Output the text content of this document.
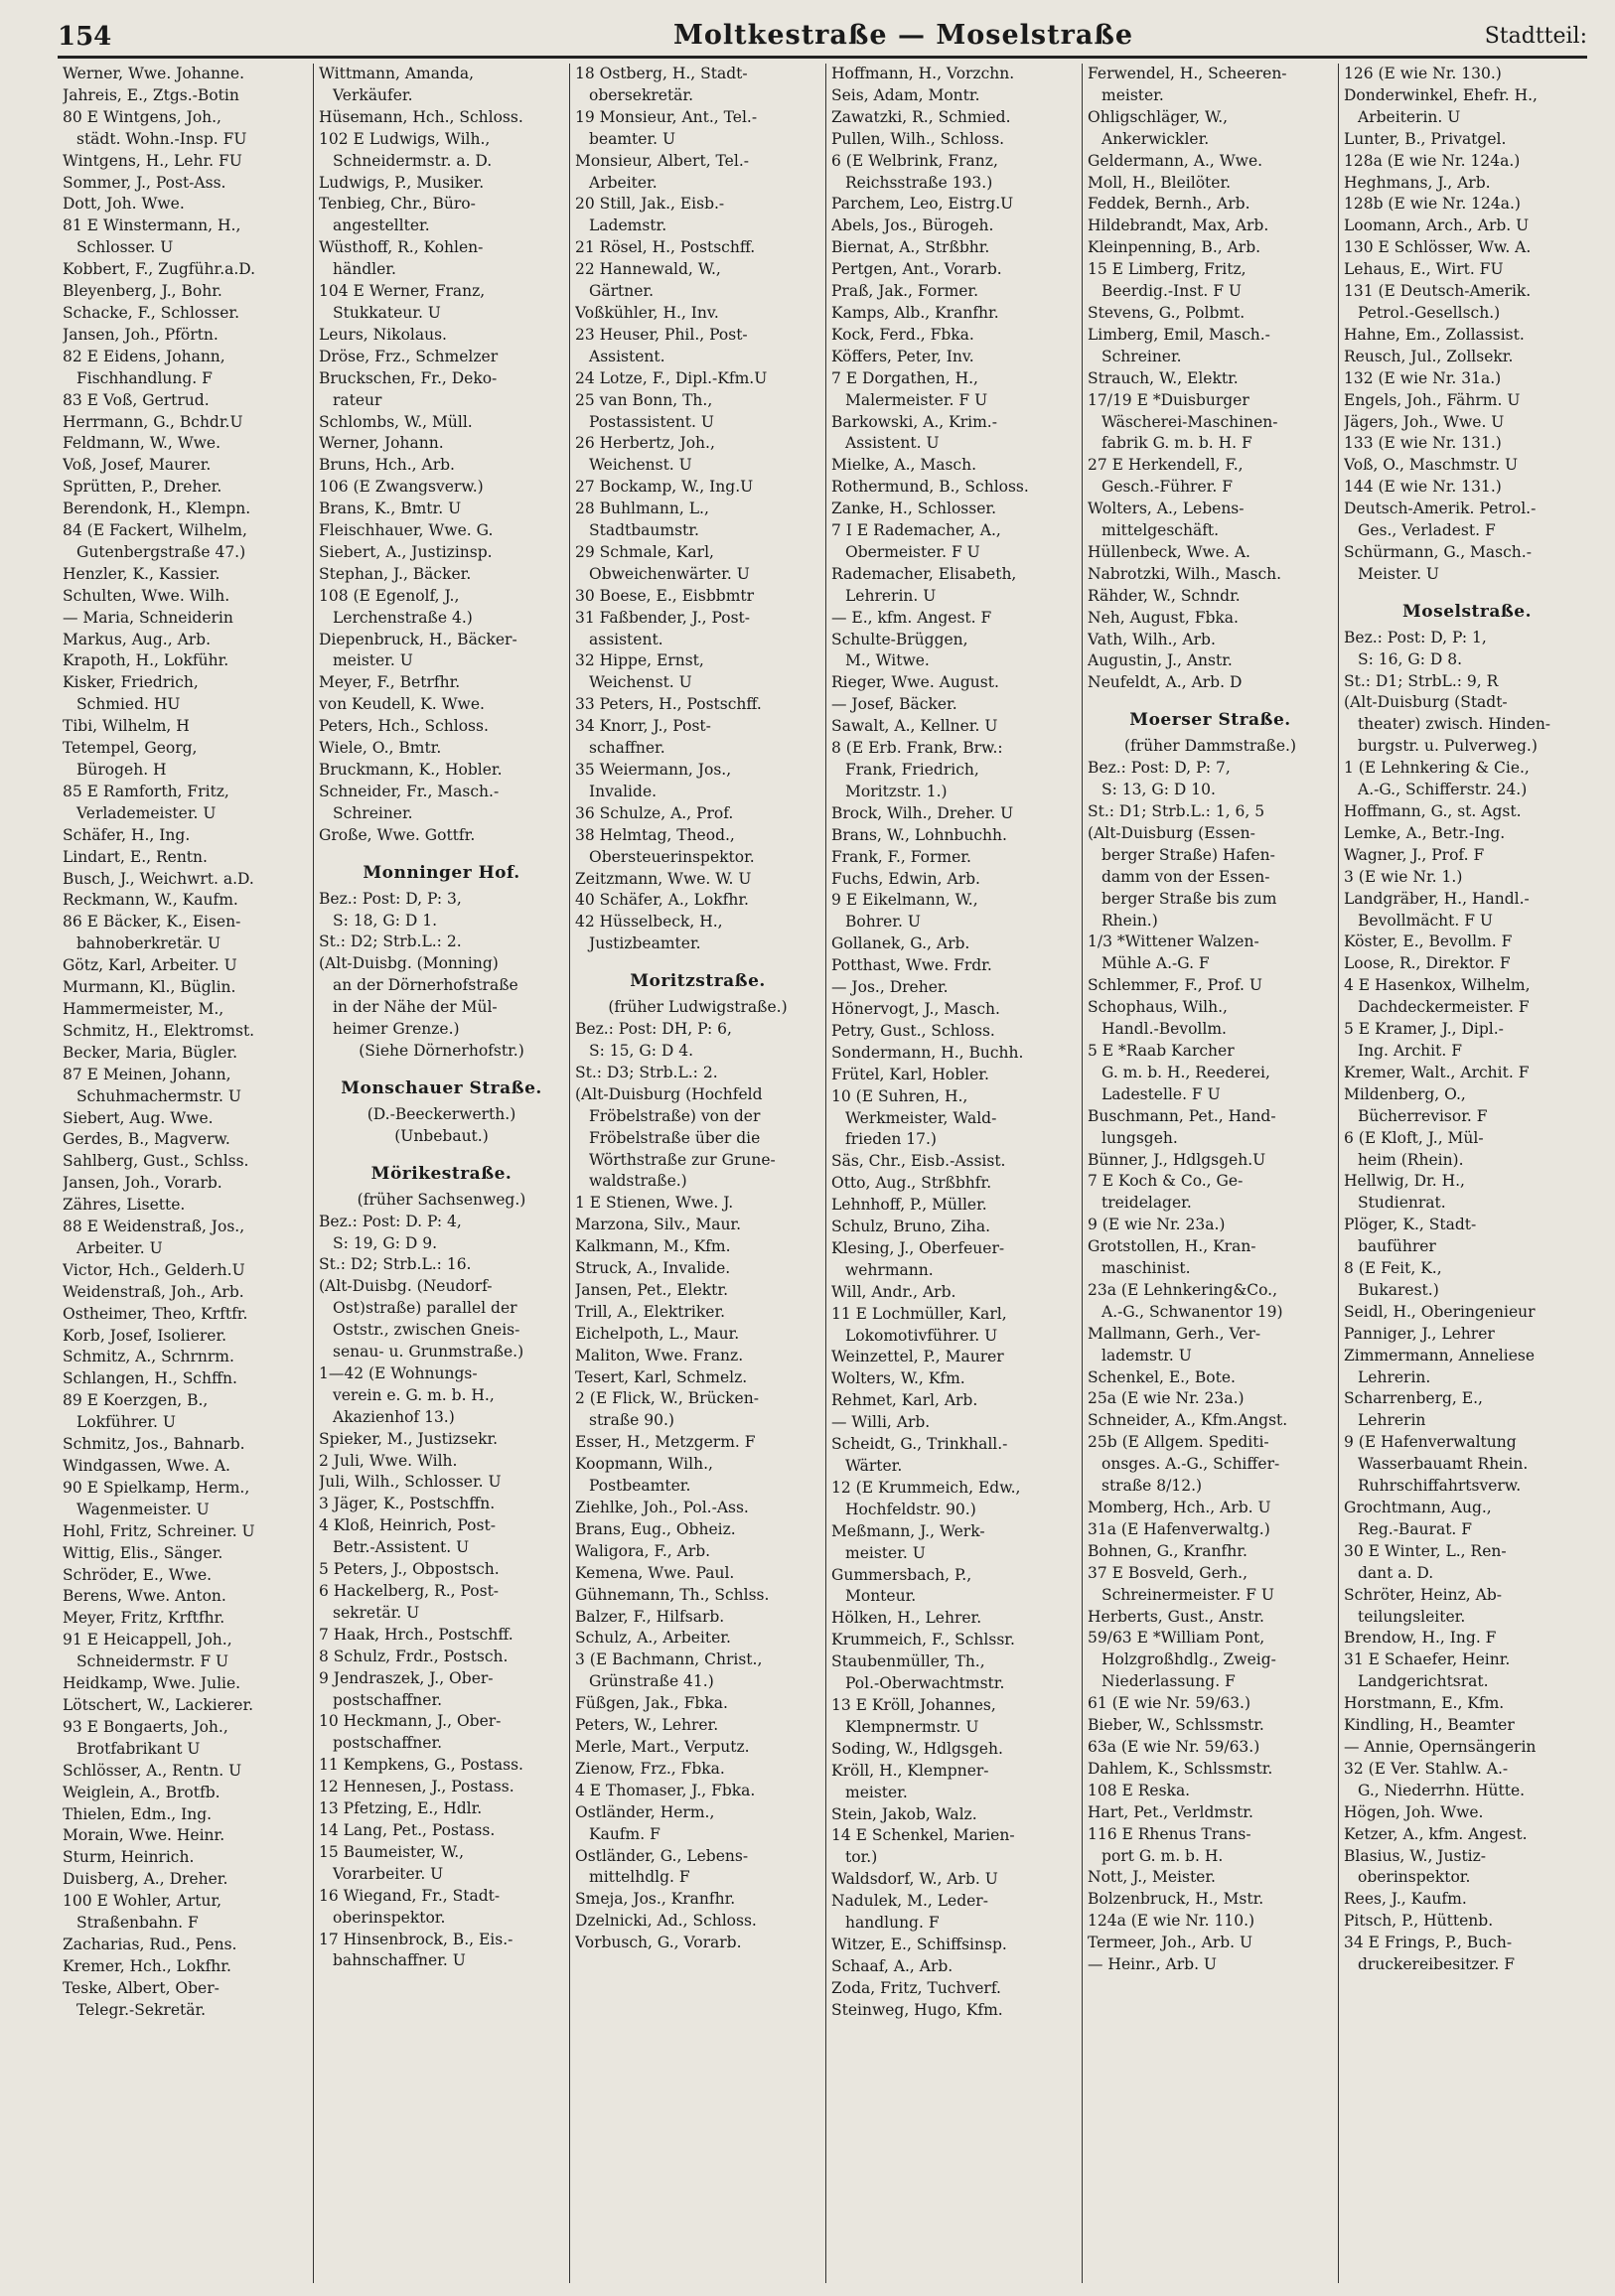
154	Moltkestraße — Moselstraße	Stadtteil:
Werner, Wwe. Johanne.
Jahreis, E., Ztgs.-Botin
80 E Wintgens, Joh.,
städt. Wohn.-Insp. FU
Wintgens, H., Lehr. FU
Sommer, J., Post-Ass.
Dott, Joh. Wwe.
81 E Winstermann, H.,
Schlosser. U
Kobbert, F., Zugführ.a.D.
Bleyenberg, J., Bohr.
Schacke, F., Schlosser.
Jansen, Joh., Pförtn.
82 E Eidens, Johann,
Fischhandlung. F
83 E Voß, Gertrud.
Herrmann, G., Bchdr.U
Feldmann, W., Wwe.
Voß, Josef, Maurer.
Sprütten, P., Dreher.
Berendonk, H., Klempn.
84 (E Fackert, Wilhelm,
Gutenbergstraße 47.)
Henzler, K., Kassier.
Schulten, Wwe. Wilh.
— Maria, Schneiderin
Markus, Aug., Arb.
Krapoth, H., Lokführ.
Kisker, Friedrich,
Schmied. HU
Tibi, Wilhelm, H
Tetempel, Georg,
Bürogeh. H
85 E Ramforth, Fritz,
Verlademeister. U
Schäfer, H., Ing.
Lindart, E., Rentn.
Busch, J., Weichwrt. a.D.
Reckmann, W., Kaufm.
86 E Bäcker, K., Eisen-
bahnoberkretär. U
Götz, Karl, Arbeiter. U
Murmann, Kl., Büglin.
Hammermeister, M.,
Schmitz, H., Elektromst.
Becker, Maria, Bügler.
87 E Meinen, Johann,
Schuhmachermstr. U
Siebert, Aug. Wwe.
Gerdes, B., Magverw.
Sahlberg, Gust., Schlss.
Jansen, Joh., Vorarb.
Zähres, Lisette.
88 E Weidenstraß, Jos.,
Arbeiter. U
Victor, Hch., Gelderh.U
Weidenstraß, Joh., Arb.
Ostheimer, Theo, Krftfr.
Korb, Josef, Isolierer.
Schmitz, A., Schrnrm.
Schlangen, H., Schffn.
89 E Koerzgen, B.,
Lokführer. U
Schmitz, Jos., Bahnarb.
Windgassen, Wwe. A.
90 E Spielkamp, Herm.,
Wagenmeister. U
Hohl, Fritz, Schreiner. U
Wittig, Elis., Sänger.
Schröder, E., Wwe.
Berens, Wwe. Anton.
Meyer, Fritz, Krftfhr.
91 E Heicappell, Joh.,
Schneidermstr. F U
Heidkamp, Wwe. Julie.
Lötschert, W., Lackierer.
93 E Bongaerts, Joh.,
Brotfabrikant U
Schlösser, A., Rentn. U
Weiglein, A., Brotfb.
Thielen, Edm., Ing.
Morain, Wwe. Heinr.
Sturm, Heinrich.
Duisberg, A., Dreher.
100 E Wohler, Artur,
Straßenbahn. F
Zacharias, Rud., Pens.
Kremer, Hch., Lokfhr.
Teske, Albert, Ober-
Telegr.-Sekretär.
Wittmann, Amanda,
Verkäufer.
Hüsemann, Hch., Schloss.
102 E Ludwigs, Wilh.,
Schneidermstr. a. D.
Ludwigs, P., Musiker.
Tenbieg, Chr., Büro-
angestellter.
Wüsthoff, R., Kohlen-
händler.
104 E Werner, Franz,
Stukkateur. U
Leurs, Nikolaus.
Dröse, Frz., Schmelzer
Bruckschen, Fr., Deko-
rateur
Schlombs, W., Müll.
Werner, Johann.
Bruns, Hch., Arb.
106 (E Zwangsverw.)
Brans, K., Bmtr. U
Fleischhauer, Wwe. G.
Siebert, A., Justizinsp.
Stephan, J., Bäcker.
108 (E Egenolf, J.,
Lerchenstraße 4.)
Diepenbruck, H., Bäcker-
meister. U
Meyer, F., Betrfhr.
von Keudell, K. Wwe.
Peters, Hch., Schloss.
Wiele, O., Bmtr.
Bruckmann, K., Hobler.
Schneider, Fr., Masch.-
Schreiner.
Große, Wwe. Gottfr.
Monninger Hof.
Bez.: Post: D, P: 3,
S: 18, G: D 1.
St.: D2; Strb.L.: 2.
(Alt-Duisbg. (Monning)
an der Dörnerhofstraße
in der Nähe der Mül-
heimer Grenze.)
(Siehe Dörnerhofstr.)
Monschauer Straße.
(D.-Beeckerwerth.)
(Unbebaut.)
Mörikestraße.
(früher Sachsenweg.)
Bez.: Post: D. P: 4,
S: 19, G: D 9.
St.: D2; Strb.L.: 16.
(Alt-Duisbg. (Neudorf-
Ost)straße) parallel der
Oststr., zwischen Gneis-
senau- u. Grunmstraße.)
1—42 (E Wohnungs-
verein e. G. m. b. H.,
Akazienhof 13.)
Spieker, M., Justizsekr.
2 Juli, Wwe. Wilh.
Juli, Wilh., Schlosser. U
3 Jäger, K., Postschffn.
4 Kloß, Heinrich, Post-
Betr.-Assistent. U
5 Peters, J., Obpostsch.
6 Hackelberg, R., Post-
sekretär. U
7 Haak, Hrch., Postschff.
8 Schulz, Frdr., Postsch.
9 Jendraszek, J., Ober-
postschaffner.
10 Heckmann, J., Ober-
postschaffner.
11 Kempkens, G., Postass.
12 Hennesen, J., Postass.
13 Pfetzing, E., Hdlr.
14 Lang, Pet., Postass.
15 Baumeister, W.,
Vorarbeiter. U
16 Wiegand, Fr., Stadt-
oberinspektor.
17 Hinsenbrock, B., Eis.-
bahnschaffner. U
18 Ostberg, H., Stadt-
obersekretär.
19 Monsieur, Ant., Tel.-
beamter. U
Monsieur, Albert, Tel.-
Arbeiter.
20 Still, Jak., Eisb.-
Lademstr.
21 Rösel, H., Postschff.
22 Hannewald, W.,
Gärtner.
Voßkühler, H., Inv.
23 Heuser, Phil., Post-
Assistent.
24 Lotze, F., Dipl.-Kfm.U
25 van Bonn, Th.,
Postassistent. U
26 Herbertz, Joh.,
Weichenst. U
27 Bockamp, W., Ing.U
28 Buhlmann, L.,
Stadtbaumstr.
29 Schmale, Karl,
Obweichenwärter. U
30 Boese, E., Eisbbmtr
31 Faßbender, J., Post-
assistent.
32 Hippe, Ernst,
Weichenst. U
33 Peters, H., Postschff.
34 Knorr, J., Post-
schaffner.
35 Weiermann, Jos.,
Invalide.
36 Schulze, A., Prof.
38 Helmtag, Theod.,
Obersteuerinspektor.
Zeitzmann, Wwe. W. U
40 Schäfer, A., Lokfhr.
42 Hüsselbeck, H.,
Justizbeamter.
Moritzstraße.
(früher Ludwigstraße.)
Bez.: Post: DH, P: 6,
S: 15, G: D 4.
St.: D3; Strb.L.: 2.
(Alt-Duisburg (Hochfeld
Fröbelstraße) von der
Fröbelstraße über die
Wörthstraße zur Grune-
waldstraße.)
1 E Stienen, Wwe. J.
Marzona, Silv., Maur.
Kalkmann, M., Kfm.
Struck, A., Invalide.
Jansen, Pet., Elektr.
Trill, A., Elektriker.
Eichelpoth, L., Maur.
Maliton, Wwe. Franz.
Tesert, Karl, Schmelz.
2 (E Flick, W., Brücken-
straße 90.)
Esser, H., Metzgerm. F
Koopmann, Wilh.,
Postbeamter.
Ziehlke, Joh., Pol.-Ass.
Brans, Eug., Obheiz.
Waligora, F., Arb.
Kemena, Wwe. Paul.
Gühnemann, Th., Schlss.
Balzer, F., Hilfsarb.
Schulz, A., Arbeiter.
3 (E Bachmann, Christ.,
Grünstraße 41.)
Füßgen, Jak., Fbka.
Peters, W., Lehrer.
Merle, Mart., Verputz.
Zienow, Frz., Fbka.
4 E Thomaser, J., Fbka.
Ostländer, Herm.,
Kaufm. F
Ostländer, G., Lebens-
mittelhdlg. F
Smeja, Jos., Kranfhr.
Dzelnicki, Ad., Schloss.
Vorbusch, G., Vorarb.
Hoffmann, H., Vorzchn.
Seis, Adam, Montr.
Zawatzki, R., Schmied.
Pullen, Wilh., Schloss.
6 (E Welbrink, Franz,
Reichsstraße 193.)
Parchem, Leo, Eistrg.U
Abels, Jos., Bürogeh.
Biernat, A., Strßbhr.
Pertgen, Ant., Vorarb.
Praß, Jak., Former.
Kamps, Alb., Kranfhr.
Kock, Ferd., Fbka.
Köffers, Peter, Inv.
7 E Dorgathen, H.,
Malermeister. F U
Barkowski, A., Krim.-
Assistent. U
Mielke, A., Masch.
Rothermund, B., Schloss.
Zanke, H., Schlosser.
7 I E Rademacher, A.,
Obermeister. F U
Rademacher, Elisabeth,
Lehrerin. U
— E., kfm. Angest. F
Schulte-Brüggen,
M., Witwe.
Rieger, Wwe. August.
— Josef, Bäcker.
Sawalt, A., Kellner. U
8 (E Erb. Frank, Brw.:
Frank, Friedrich,
Moritzstr. 1.)
Brock, Wilh., Dreher. U
Brans, W., Lohnbuchh.
Frank, F., Former.
Fuchs, Edwin, Arb.
9 E Eikelmann, W.,
Bohrer. U
Gollanek, G., Arb.
Potthast, Wwe. Frdr.
— Jos., Dreher.
Hönervogt, J., Masch.
Petry, Gust., Schloss.
Sondermann, H., Buchh.
Frütel, Karl, Hobler.
10 (E Suhren, H.,
Werkmeister, Wald-
frieden 17.)
Säs, Chr., Eisb.-Assist.
Otto, Aug., Strßbhfr.
Lehnhoff, P., Müller.
Schulz, Bruno, Ziha.
Klesing, J., Oberfeuer-
wehrmann.
Will, Andr., Arb.
11 E Lochmüller, Karl,
Lokomotivführer. U
Weinzettel, P., Maurer
Wolters, W., Kfm.
Rehmet, Karl, Arb.
— Willi, Arb.
Scheidt, G., Trinkhall.-
Wärter.
12 (E Krummeich, Edw.,
Hochfeldstr. 90.)
Meßmann, J., Werk-
meister. U
Gummersbach, P.,
Monteur.
Hölken, H., Lehrer.
Krummeich, F., Schlssr.
Staubenmüller, Th.,
Pol.-Oberwachtmstr.
13 E Kröll, Johannes,
Klempnermstr. U
Soding, W., Hdlgsgeh.
Kröll, H., Klempner-
meister.
Stein, Jakob, Walz.
14 E Schenkel, Marien-
tor.)
Waldsdorf, W., Arb. U
Nadulek, M., Leder-
handlung. F
Witzer, E., Schiffsinsp.
Schaaf, A., Arb.
Zoda, Fritz, Tuchverf.
Steinweg, Hugo, Kfm.
Ferwendel, H., Scheeren-
meister.
Ohligschläger, W.,
Ankerwickler.
Geldermann, A., Wwe.
Moll, H., Bleilöter.
Feddek, Bernh., Arb.
Hildebrandt, Max, Arb.
Kleinpenning, B., Arb.
15 E Limberg, Fritz,
Beerdig.-Inst. F U
Stevens, G., Polbmt.
Limberg, Emil, Masch.-
Schreiner.
Strauch, W., Elektr.
17/19 E *Duisburger
Wäscherei-Maschinen-
fabrik G. m. b. H. F
27 E Herkendell, F.,
Gesch.-Führer. F
Wolters, A., Lebens-
mittelgeschäft.
Hüllenbeck, Wwe. A.
Nabrotzki, Wilh., Masch.
Rähder, W., Schndr.
Neh, August, Fbka.
Vath, Wilh., Arb.
Augustin, J., Anstr.
Neufeldt, A., Arb. D
Moerser Straße.
(früher Dammstraße.)
Bez.: Post: D, P: 7,
S: 13, G: D 10.
St.: D1; Strb.L.: 1, 6, 5
(Alt-Duisburg (Essen-
berger Straße) Hafen-
damm von der Essen-
berger Straße bis zum
Rhein.)
1/3 *Wittener Walzen-
Mühle A.-G. F
Schlemmer, F., Prof. U
Schophaus, Wilh.,
Handl.-Bevollm.
5 E *Raab Karcher
G. m. b. H., Reederei,
Ladestelle. F U
Buschmann, Pet., Hand-
lungsgeh.
Bünner, J., Hdlgsgeh.U
7 E Koch & Co., Ge-
treidelager.
9 (E wie Nr. 23a.)
Grotstollen, H., Kran-
maschinist.
23a (E Lehnkering&Co.,
A.-G., Schwanentor 19)
Mallmann, Gerh., Ver-
lademstr. U
Schenkel, E., Bote.
25a (E wie Nr. 23a.)
Schneider, A., Kfm.Angst.
25b (E Allgem. Spediti-
onsges. A.-G., Schiffer-
straße 8/12.)
Momberg, Hch., Arb. U
31a (E Hafenverwaltg.)
Bohnen, G., Kranfhr.
37 E Bosveld, Gerh.,
Schreinermeister. F U
Herberts, Gust., Anstr.
59/63 E *William Pont,
Holzgroßhdlg., Zweig-
Niederlassung. F
61 (E wie Nr. 59/63.)
Bieber, W., Schlssmstr.
63a (E wie Nr. 59/63.)
Dahlem, K., Schlssmstr.
108 E Reska.
Hart, Pet., Verldmstr.
116 E Rhenus Trans-
port G. m. b. H.
Nott, J., Meister.
Bolzenbruck, H., Mstr.
124a (E wie Nr. 110.)
Termeer, Joh., Arb. U
— Heinr., Arb. U
126 (E wie Nr. 130.)
Donderwinkel, Ehefr. H.,
Arbeiterin. U
Lunter, B., Privatgel.
128a (E wie Nr. 124a.)
Heghmans, J., Arb.
128b (E wie Nr. 124a.)
Loomann, Arch., Arb. U
130 E Schlösser, Ww. A.
Lehaus, E., Wirt. FU
131 (E Deutsch-Amerik.
Petrol.-Gesellsch.)
Hahne, Em., Zollassist.
Reusch, Jul., Zollsekr.
132 (E wie Nr. 31a.)
Engels, Joh., Fährm. U
Jägers, Joh., Wwe. U
133 (E wie Nr. 131.)
Voß, O., Maschmstr. U
144 (E wie Nr. 131.)
Deutsch-Amerik. Petrol.-
Ges., Verladest. F
Schürmann, G., Masch.-
Meister. U
Moselstraße.
Bez.: Post: D, P: 1,
S: 16, G: D 8.
St.: D1; StrbL.: 9, R
(Alt-Duisburg (Stadt-
theater) zwisch. Hinden-
burgstr. u. Pulverweg.)
1 (E Lehnkering & Cie.,
A.-G., Schifferstr. 24.)
Hoffmann, G., st. Agst.
Lemke, A., Betr.-Ing.
Wagner, J., Prof. F
3 (E wie Nr. 1.)
Landgräber, H., Handl.-
Bevollmächt. F U
Köster, E., Bevollm. F
Loose, R., Direktor. F
4 E Hasenkox, Wilhelm,
Dachdeckermeister. F
5 E Kramer, J., Dipl.-
Ing. Archit. F
Kremer, Walt., Archit. F
Mildenberg, O.,
Bücherrevisor. F
6 (E Kloft, J., Mül-
heim (Rhein).
Hellwig, Dr. H.,
Studienrat.
Plöger, K., Stadt-
bauführer
8 (E Feit, K.,
Bukarest.)
Seidl, H., Oberingenieur
Panniger, J., Lehrer
Zimmermann, Anneliese
Lehrerin.
Scharrenberg, E.,
Lehrerin
9 (E Hafenverwaltung
Wasserbauamt Rhein.
Ruhrschiffahrtsverw.
Grochtmann, Aug.,
Reg.-Baurat. F
30 E Winter, L., Ren-
dant a. D.
Schröter, Heinz, Ab-
teilungsleiter.
Brendow, H., Ing. F
31 E Schaefer, Heinr.
Landgerichtsrat.
Horstmann, E., Kfm.
Kindling, H., Beamter
— Annie, Opernsängerin
32 (E Ver. Stahlw. A.-
G., Niederrhn. Hütte.
Högen, Joh. Wwe.
Ketzer, A., kfm. Angest.
Blasius, W., Justiz-
oberinspektor.
Rees, J., Kaufm.
Pitsch, P., Hüttenb.
34 E Frings, P., Buch-
druckereibesitzer. F
